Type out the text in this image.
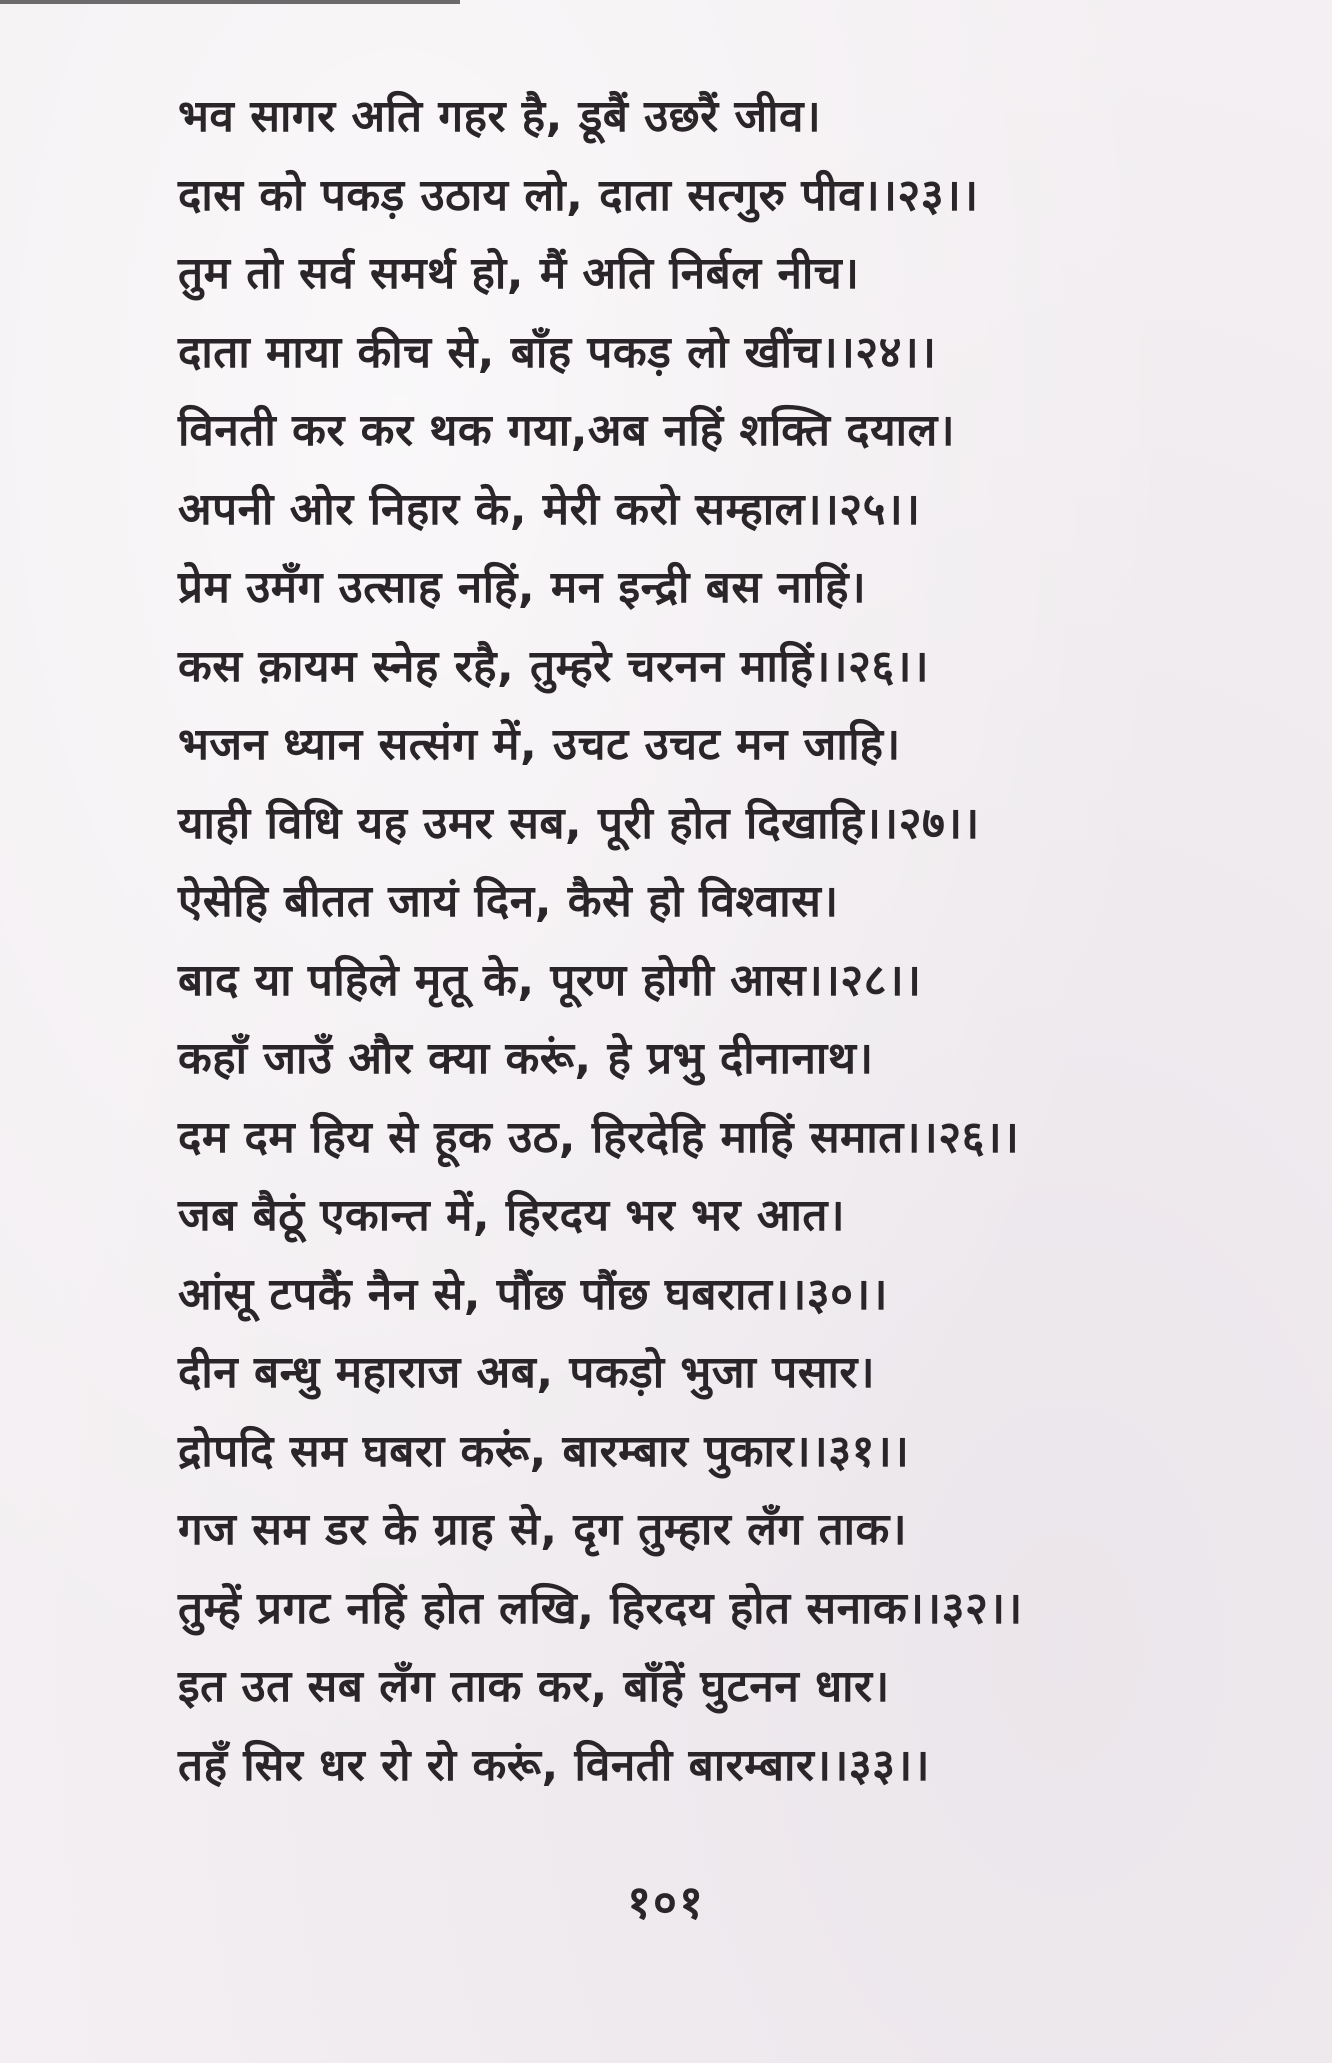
भव सागर अति गहर है, डूबैं उछरैं जीव।
दास को पकड़ उठाय लो, दाता सत्गुरु पीव।।२३।।
तुम तो सर्व समर्थ हो, मैं अति निर्बल नीच।
दाता माया कीच से, बाँह पकड़ लो खींच।।२४।।
विनती कर कर थक गया,अब नहिं शक्ति दयाल।
अपनी ओर निहार के, मेरी करो सम्हाल।।२५।।
प्रेम उमँग उत्साह नहिं, मन इन्द्री बस नाहिं।
कस क़ायम स्नेह रहै, तुम्हरे चरनन माहिं।।२६।।
भजन ध्यान सत्संग में, उचट उचट मन जाहि।
याही विधि यह उमर सब, पूरी होत दिखाहि।।२७।।
ऐसेहि बीतत जायं दिन, कैसे हो विश्वास।
बाद या पहिले मृतू के, पूरण होगी आस।।२८।।
कहाँ जाउँ और क्या करूं, हे प्रभु दीनानाथ।
दम दम हिय से हूक उठ, हिरदेहि माहिं समात।।२६।।
जब बैठूं एकान्त में, हिरदय भर भर आत।
आंसू टपकैं नैन से, पौंछ पौंछ घबरात।।३०।।
दीन बन्धु महाराज अब, पकड़ो भुजा पसार।
द्रोपदि सम घबरा करूं, बारम्बार पुकार।।३१।।
गज सम डर के ग्राह से, दृग तुम्हार लँग ताक।
तुम्हें प्रगट नहिं होत लखि, हिरदय होत सनाक।।३२।।
इत उत सब लँग ताक कर, बाँहें घुटनन धार।
तहँ सिर धर रो रो करूं, विनती बारम्बार।।३३।।
१०१
